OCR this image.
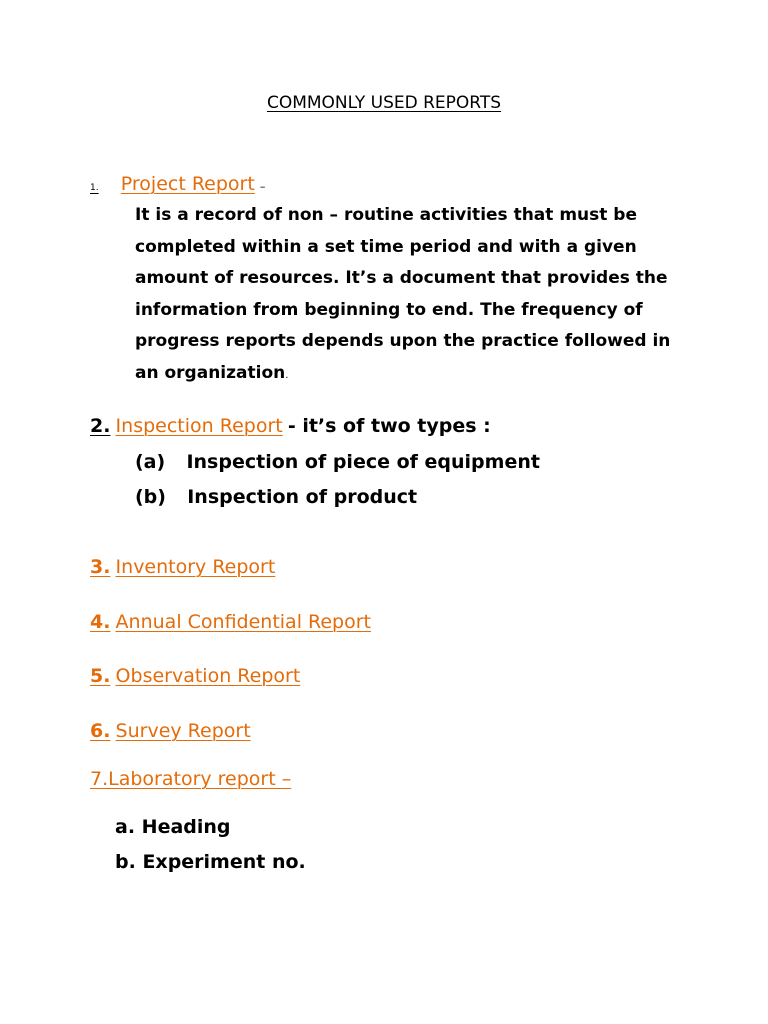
COMMONLY USED REPORTS
1. Project Report –
It is a record of non – routine activities that must be
completed within a set time period and with a given
amount of resources. It’s a document that provides the
information from beginning to end. The frequency of
progress reports depends upon the practice followed in
an organization.
2. Inspection Report - it’s of two types :
(a) Inspection of piece of equipment
(b) Inspection of product
3. Inventory Report
4. Annual Confidential Report
5. Observation Report
6. Survey Report
7.Laboratory report –
a. Heading
b. Experiment no.
